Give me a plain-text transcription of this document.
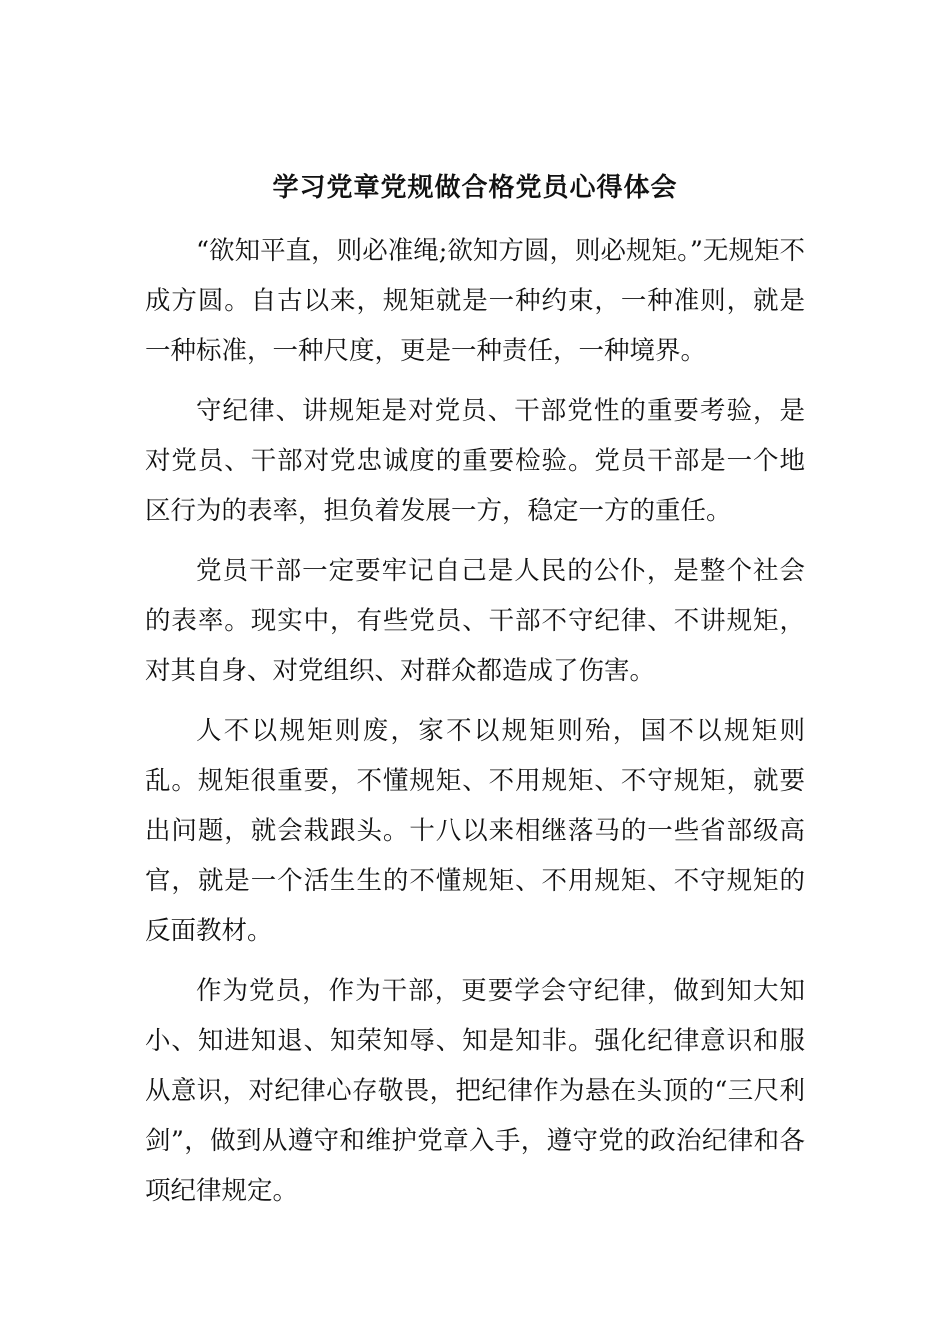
学习党章党规做合格党员心得体会

“欲知平直，则必准绳;欲知方圆，则必规矩。”无规矩不成方圆。自古以来，规矩就是一种约束，一种准则，就是一种标准，一种尺度，更是一种责任，一种境界。

守纪律、讲规矩是对党员、干部党性的重要考验，是对党员、干部对党忠诚度的重要检验。党员干部是一个地区行为的表率，担负着发展一方，稳定一方的重任。

党员干部一定要牢记自己是人民的公仆，是整个社会的表率。现实中，有些党员、干部不守纪律、不讲规矩，对其自身、对党组织、对群众都造成了伤害。

人不以规矩则废，家不以规矩则殆，国不以规矩则乱。规矩很重要，不懂规矩、不用规矩、不守规矩，就要出问题，就会栽跟头。十八以来相继落马的一些省部级高官，就是一个活生生的不懂规矩、不用规矩、不守规矩的反面教材。

作为党员，作为干部，更要学会守纪律，做到知大知小、知进知退、知荣知辱、知是知非。强化纪律意识和服从意识，对纪律心存敬畏，把纪律作为悬在头顶的“三尺利剑”，做到从遵守和维护党章入手，遵守党的政治纪律和各项纪律规定。
